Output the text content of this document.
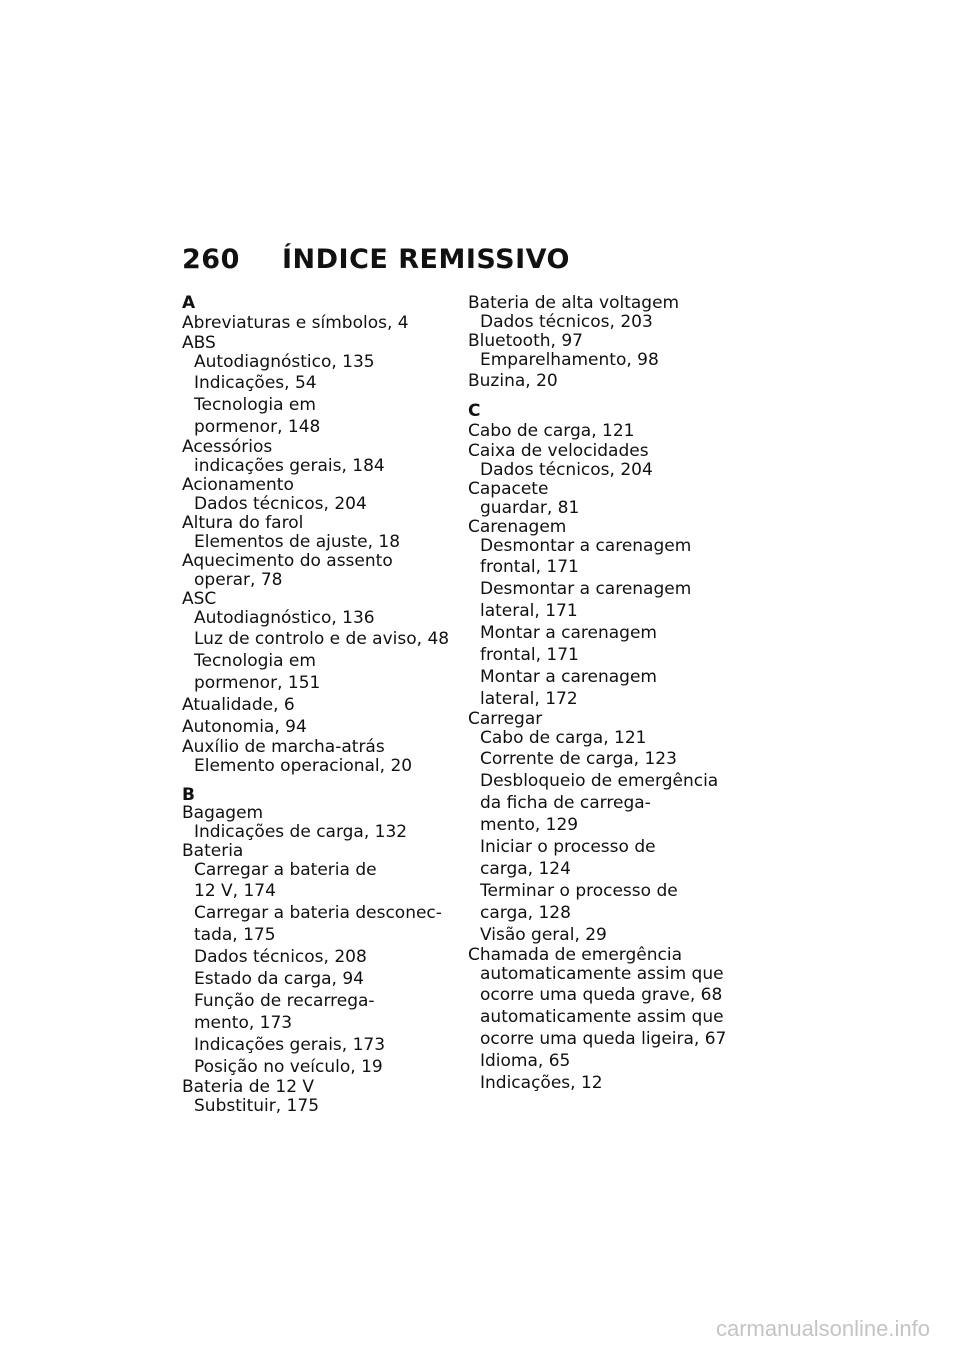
260 ÍNDICE REMISSIVO
A
Abreviaturas e símbolos, 4
ABS
Autodiagnóstico, 135
Indicações, 54
Tecnologia em
pormenor, 148
Acessórios
indicações gerais, 184
Acionamento
Dados técnicos, 204
Altura do farol
Elementos de ajuste, 18
Aquecimento do assento
operar, 78
ASC
Autodiagnóstico, 136
Luz de controlo e de aviso, 48
Tecnologia em
pormenor, 151
Atualidade, 6
Autonomia, 94
Auxílio de marcha-atrás
Elemento operacional, 20
B
Bagagem
Indicações de carga, 132
Bateria
Carregar a bateria de
12 V, 174
Carregar a bateria desconec-
tada, 175
Dados técnicos, 208
Estado da carga, 94
Função de recarrega-
mento, 173
Indicações gerais, 173
Posição no veículo, 19
Bateria de 12 V
Substituir, 175
Bateria de alta voltagem
Dados técnicos, 203
Bluetooth, 97
Emparelhamento, 98
Buzina, 20
C
Cabo de carga, 121
Caixa de velocidades
Dados técnicos, 204
Capacete
guardar, 81
Carenagem
Desmontar a carenagem
frontal, 171
Desmontar a carenagem
lateral, 171
Montar a carenagem
frontal, 171
Montar a carenagem
lateral, 172
Carregar
Cabo de carga, 121
Corrente de carga, 123
Desbloqueio de emergência
da ficha de carrega-
mento, 129
Iniciar o processo de
carga, 124
Terminar o processo de
carga, 128
Visão geral, 29
Chamada de emergência
automaticamente assim que
ocorre uma queda grave, 68
automaticamente assim que
ocorre uma queda ligeira, 67
Idioma, 65
Indicações, 12
carmanualsonline.info
